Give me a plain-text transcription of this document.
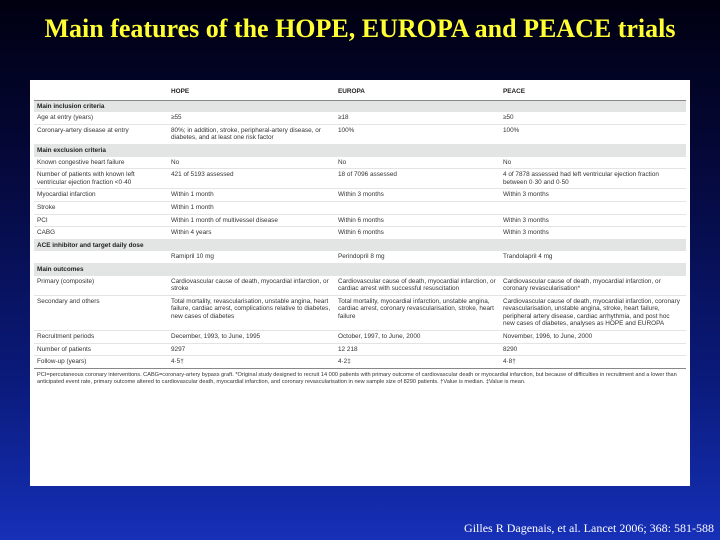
Main features of the HOPE, EUROPA and PEACE trials
	HOPE	EUROPA	PEACE
Main inclusion criteria			
Age at entry (years)	≥55	≥18	≥50
Coronary-artery disease at entry	80%; in addition, stroke, peripheral-artery disease, or diabetes, and at least one risk factor	100%	100%
Main exclusion criteria			
Known congestive heart failure	No	No	No
Number of patients with known left ventricular ejection fraction <0·40	421 of 5193 assessed	18 of 7096 assessed	4 of 7878 assessed had left ventricular ejection fraction between 0·30 and 0·50
Myocardial infarction	Within 1 month	Within 3 months	Within 3 months
Stroke	Within 1 month		
PCI	Within 1 month of multivessel disease	Within 6 months	Within 3 months
CABG	Within 4 years	Within 6 months	Within 3 months
ACE inhibitor and target daily dose			
	Ramipril 10 mg	Perindopril 8 mg	Trandolapril 4 mg
Main outcomes			
Primary (composite)	Cardiovascular cause of death, myocardial infarction, or stroke	Cardiovascular cause of death, myocardial infarction, or cardiac arrest with successful resuscitation	Cardiovascular cause of death, myocardial infarction, or coronary revascularisation*
Secondary and others	Total mortality, revascularisation, unstable angina, heart failure, cardiac arrest, complications relative to diabetes, new cases of diabetes	Total mortality, myocardial infarction, unstable angina, cardiac arrest, coronary revascularisation, stroke, heart failure	Cardiovascular cause of death, myocardial infarction, coronary revascularisation, unstable angina, stroke, heart failure, peripheral artery disease, cardiac arrhythmia, and post hoc new cases of diabetes, analyses as HOPE and EUROPA
Recruitment periods	December, 1993, to June, 1995	October, 1997, to June, 2000	November, 1996, to June, 2000
Number of patients	9297	12 218	8290
Follow-up (years)	4·5†	4·2‡	4·8†

PCI=percutaneous coronary interventions. CABG=coronary-artery bypass graft. *Original study designed to recruit 14 000 patients with primary outcome of cardiovascular death or myocardial infarction, but because of difficulties in recruitment and a lower than anticipated event rate, primary outcome altered to cardiovascular death, myocardial infarction, and coronary revascularisation in new sample size of 8290 patients. †Value is median. ‡Value is mean.

Gilles R Dagenais, et al. Lancet 2006; 368: 581-588
